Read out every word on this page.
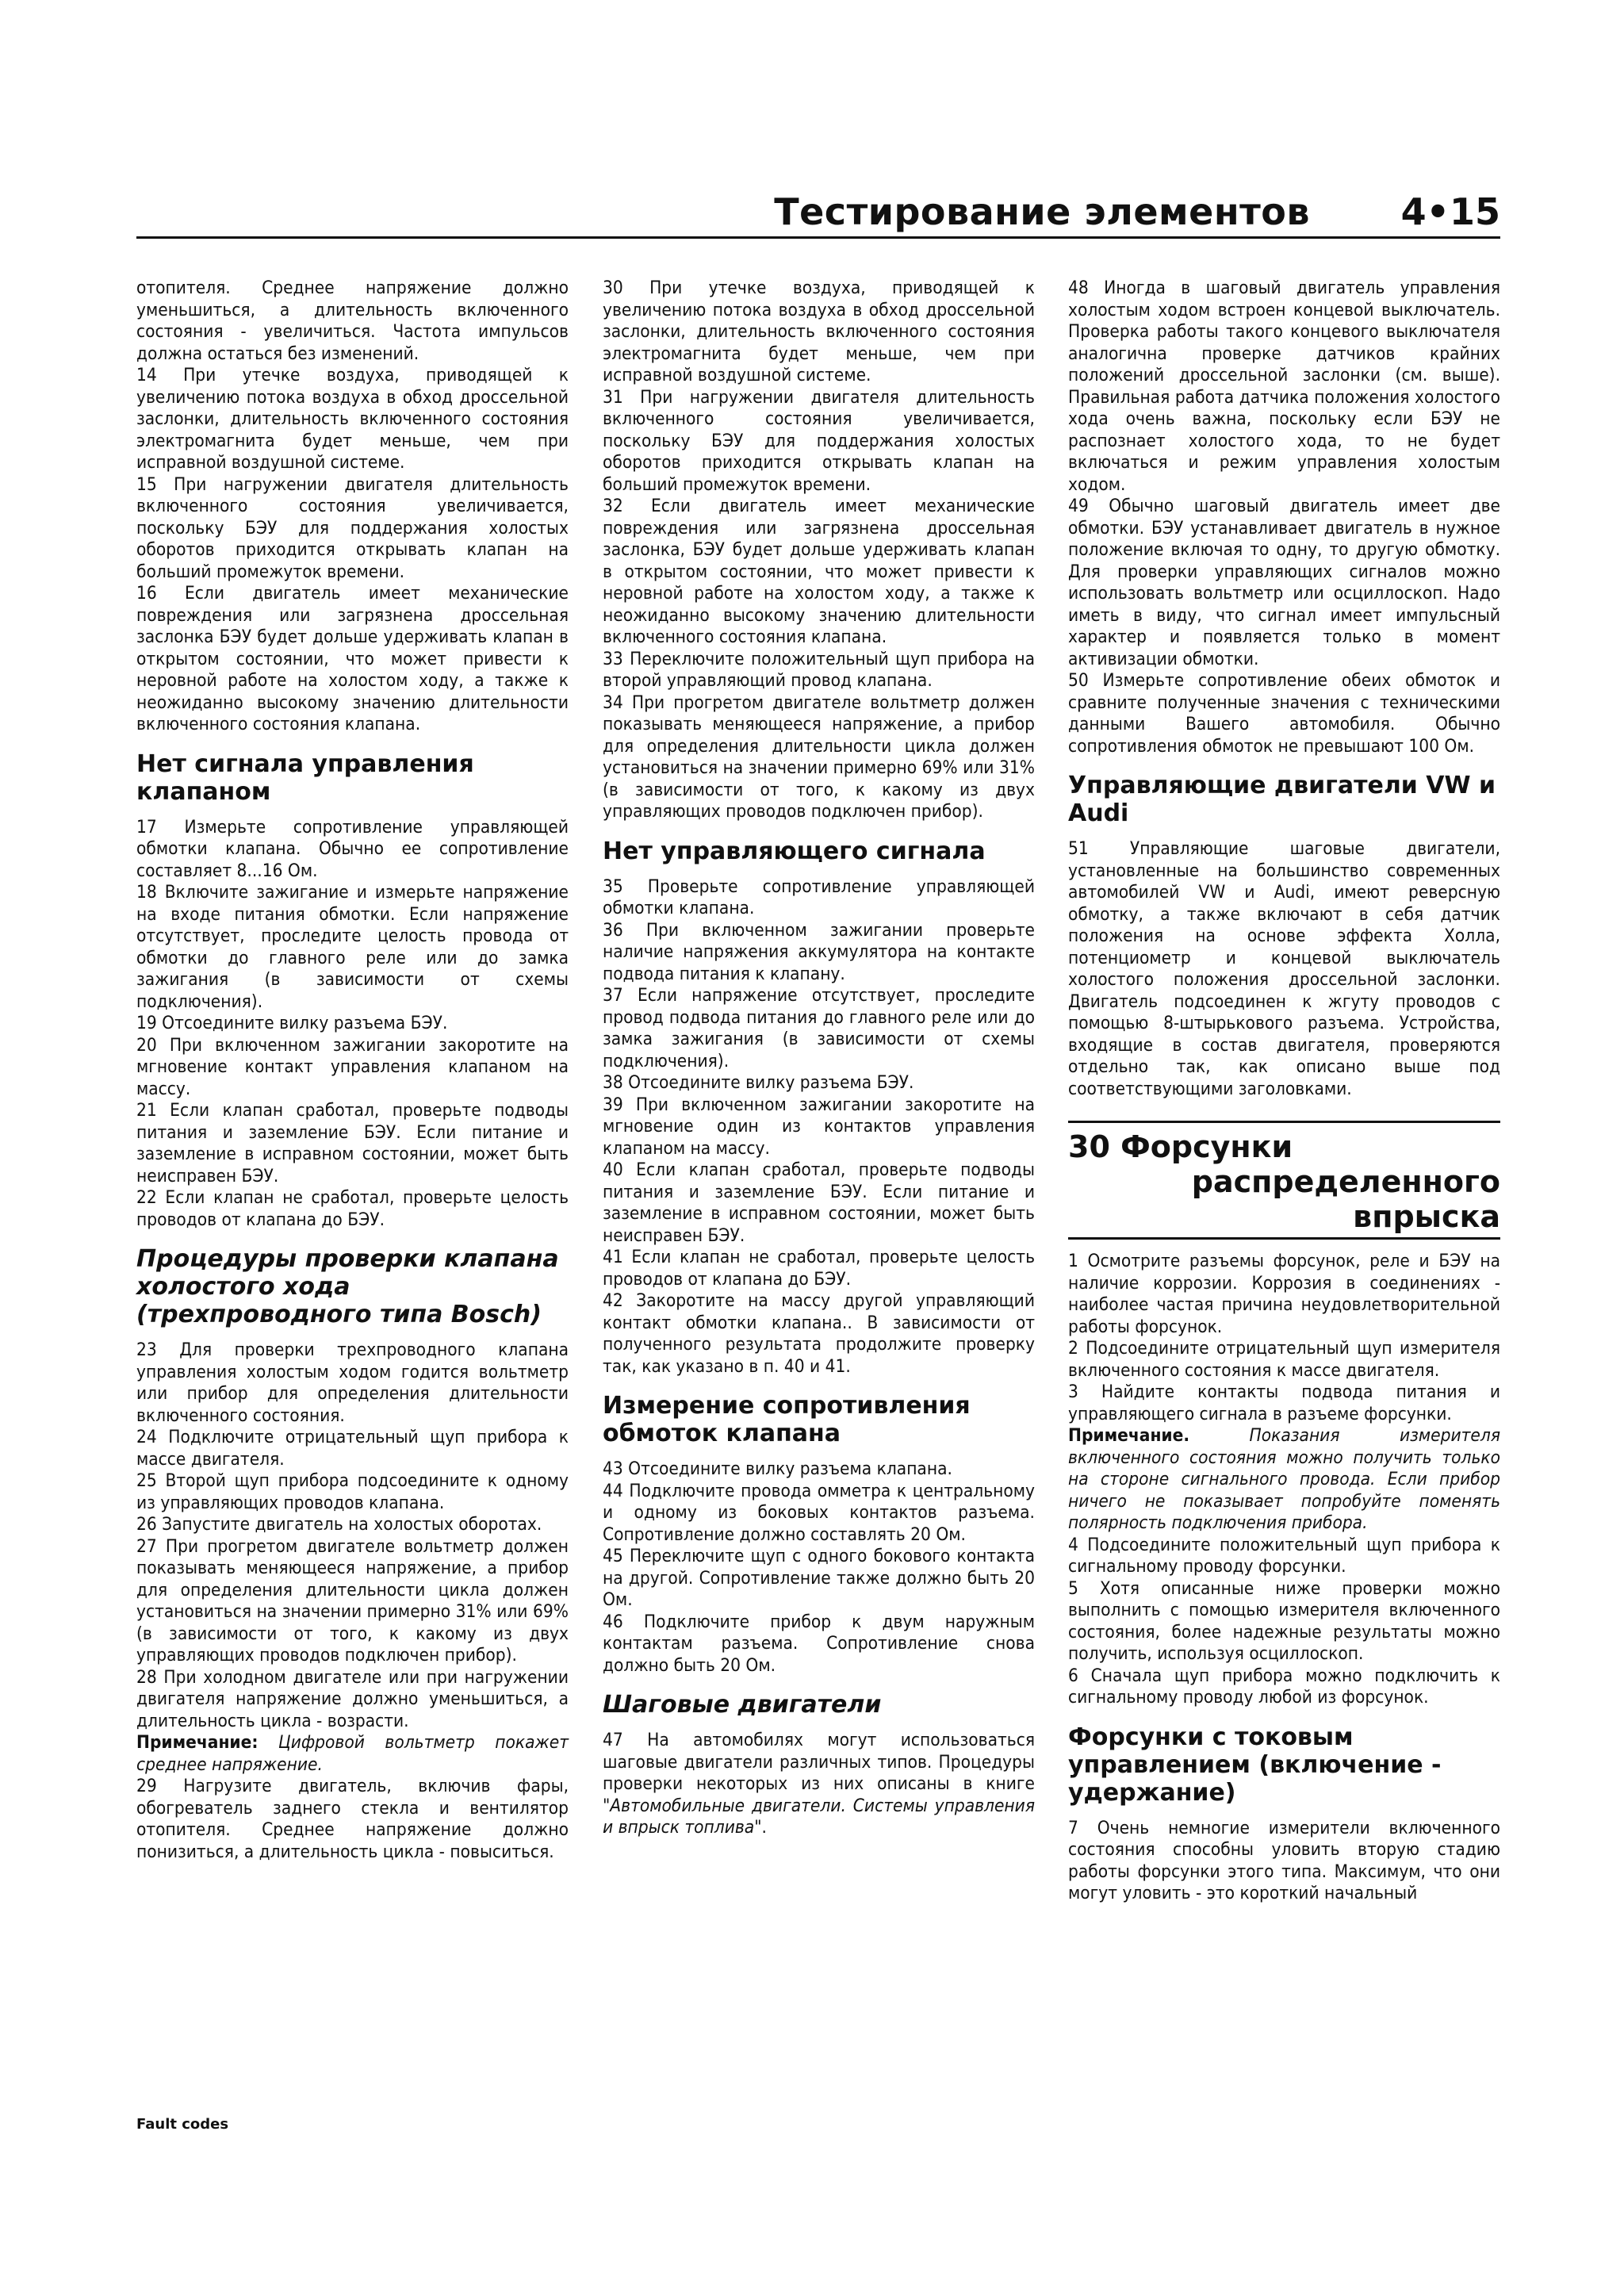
Тестирование элементов 4•15

отопителя. Среднее напряжение должно уменьшиться, а длительность включенного состояния - увеличиться. Частота импульсов должна остаться без изменений.

14 При утечке воздуха, приводящей к увеличению потока воздуха в обход дроссельной заслонки, длительность включенного состояния электромагнита будет меньше, чем при исправной воздушной системе.

15 При нагружении двигателя длительность включенного состояния увеличивается, поскольку БЭУ для поддержания холостых оборотов приходится открывать клапан на больший промежуток времени.

16 Если двигатель имеет механические повреждения или загрязнена дроссельная заслонка БЭУ будет дольше удерживать клапан в открытом состоянии, что может привести к неровной работе на холостом ходу, а также к неожиданно высокому значению длительности включенного состояния клапана.

Нет сигнала управления клапаном

17 Измерьте сопротивление управляющей обмотки клапана. Обычно ее сопротивление составляет 8...16 Ом.

18 Включите зажигание и измерьте напряжение на входе питания обмотки. Если напряжение отсутствует, проследите целость провода от обмотки до главного реле или до замка зажигания (в зависимости от схемы подключения).

19 Отсоедините вилку разъема БЭУ.

20 При включенном зажигании закоротите на мгновение контакт управления клапаном на массу.

21 Если клапан сработал, проверьте подводы питания и заземление БЭУ. Если питание и заземление в исправном состоянии, может быть неисправен БЭУ.

22 Если клапан не сработал, проверьте целость проводов от клапана до БЭУ.

Процедуры проверки клапана холостого хода (трехпроводного типа Bosch)

23 Для проверки трехпроводного клапана управления холостым ходом годится вольтметр или прибор для определения длительности включенного состояния.

24 Подключите отрицательный щуп прибора к массе двигателя.

25 Второй щуп прибора подсоедините к одному из управляющих проводов клапана.

26 Запустите двигатель на холостых оборотах.

27 При прогретом двигателе вольтметр должен показывать меняющееся напряжение, а прибор для определения длительности цикла должен установиться на значении примерно 31% или 69% (в зависимости от того, к какому из двух управляющих проводов подключен прибор).

28 При холодном двигателе или при нагружении двигателя напряжение должно уменьшиться, а длительность цикла - возрасти.

Примечание: Цифровой вольтметр покажет среднее напряжение.

29 Нагрузите двигатель, включив фары, обогреватель заднего стекла и вентилятор отопителя. Среднее напряжение должно понизиться, а длительность цикла - повыситься.

30 При утечке воздуха, приводящей к увеличению потока воздуха в обход дроссельной заслонки, длительность включенного состояния электромагнита будет меньше, чем при исправной воздушной системе.

31 При нагружении двигателя длительность включенного состояния увеличивается, поскольку БЭУ для поддержания холостых оборотов приходится открывать клапан на больший промежуток времени.

32 Если двигатель имеет механические повреждения или загрязнена дроссельная заслонка, БЭУ будет дольше удерживать клапан в открытом состоянии, что может привести к неровной работе на холостом ходу, а также к неожиданно высокому значению длительности включенного состояния клапана.

33 Переключите положительный щуп прибора на второй управляющий провод клапана.

34 При прогретом двигателе вольтметр должен показывать меняющееся напряжение, а прибор для определения длительности цикла должен установиться на значении примерно 69% или 31% (в зависимости от того, к какому из двух управляющих проводов подключен прибор).

Нет управляющего сигнала

35 Проверьте сопротивление управляющей обмотки клапана.

36 При включенном зажигании проверьте наличие напряжения аккумулятора на контакте подвода питания к клапану.

37 Если напряжение отсутствует, проследите провод подвода питания до главного реле или до замка зажигания (в зависимости от схемы подключения).

38 Отсоедините вилку разъема БЭУ.

39 При включенном зажигании закоротите на мгновение один из контактов управления клапаном на массу.

40 Если клапан сработал, проверьте подводы питания и заземление БЭУ. Если питание и заземление в исправном состоянии, может быть неисправен БЭУ.

41 Если клапан не сработал, проверьте целость проводов от клапана до БЭУ.

42 Закоротите на массу другой управляющий контакт обмотки клапана.. В зависимости от полученного результата продолжите проверку так, как указано в п. 40 и 41.

Измерение сопротивления обмоток клапана

43 Отсоедините вилку разъема клапана.

44 Подключите провода омметра к центральному и одному из боковых контактов разъема. Сопротивление должно составлять 20 Ом.

45 Переключите щуп с одного бокового контакта на другой. Сопротивление также должно быть 20 Ом.

46 Подключите прибор к двум наружным контактам разъема. Сопротивление снова должно быть 20 Ом.

Шаговые двигатели

47 На автомобилях могут использоваться шаговые двигатели различных типов. Процедуры проверки некоторых из них описаны в книге "Автомобильные двигатели. Системы управления и впрыск топлива".

48 Иногда в шаговый двигатель управления холостым ходом встроен концевой выключатель. Проверка работы такого концевого выключателя аналогична проверке датчиков крайних положений дроссельной заслонки (см. выше). Правильная работа датчика положения холостого хода очень важна, поскольку если БЭУ не распознает холостого хода, то не будет включаться и режим управления холостым ходом.

49 Обычно шаговый двигатель имеет две обмотки. БЭУ устанавливает двигатель в нужное положение включая то одну, то другую обмотку. Для проверки управляющих сигналов можно использовать вольтметр или осциллоскоп. Надо иметь в виду, что сигнал имеет импульсный характер и появляется только в момент активизации обмотки.

50 Измерьте сопротивление обеих обмоток и сравните полученные значения с техническими данными Вашего автомобиля. Обычно сопротивления обмоток не превышают 100 Ом.

Управляющие двигатели VW и Audi

51 Управляющие шаговые двигатели, установленные на большинство современных автомобилей VW и Audi, имеют реверсную обмотку, а также включают в себя датчик положения на основе эффекта Холла, потенциометр и концевой выключатель холостого положения дроссельной заслонки. Двигатель подсоединен к жгуту проводов с помощью 8-штырькового разъема. Устройства, входящие в состав двигателя, проверяются отдельно так, как описано выше под соответствующими заголовками.

30 Форсунки
распределенного впрыска

1 Осмотрите разъемы форсунок, реле и БЭУ на наличие коррозии. Коррозия в соединениях - наиболее частая причина неудовлетворительной работы форсунок.

2 Подсоедините отрицательный щуп измерителя включенного состояния к массе двигателя.

3 Найдите контакты подвода питания и управляющего сигнала в разъеме форсунки.

Примечание.	Показания измерителя включенного состояния можно получить только на стороне сигнального провода. Если прибор ничего не показывает попробуйте поменять полярность подключения прибора.

4 Подсоедините положительный щуп прибора к сигнальному проводу форсунки.

5 Хотя описанные ниже проверки можно выполнить с помощью измерителя включенного состояния, более надежные результаты можно получить, используя осциллоскоп.

6 Сначала щуп прибора можно подключить к сигнальному проводу любой из форсунок.

Форсунки с токовым управлением (включение - удержание)

7 Очень немногие измерители включенного состояния способны уловить вторую стадию работы форсунки этого типа. Максимум, что они могут уловить - это короткий начальный

Fault codes
